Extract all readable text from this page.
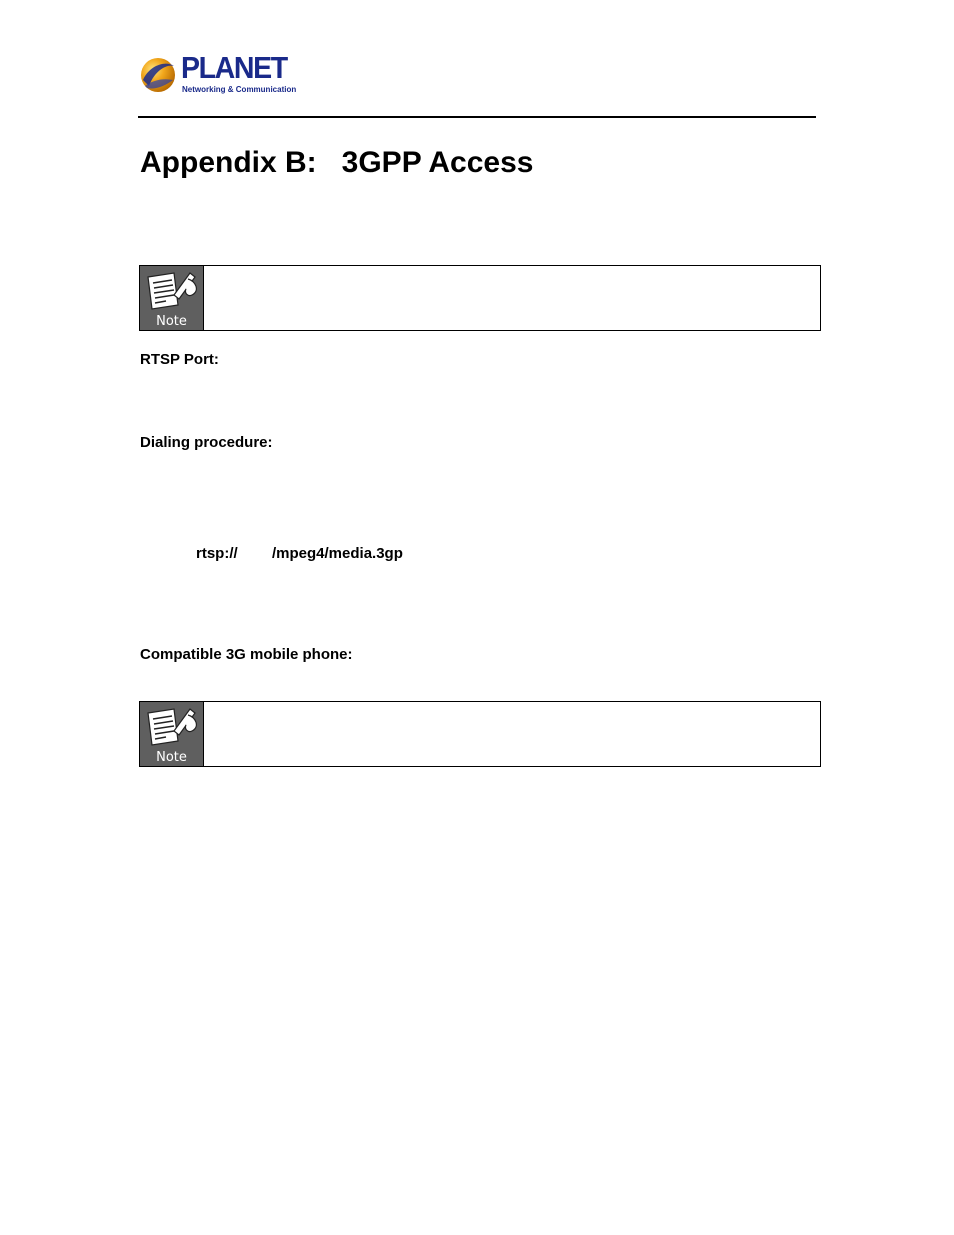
PLANET
Networking & Communication
Appendix B:   3GPP Access
Note
RTSP Port:
Dialing procedure:
rtsp:// /mpeg4/media.3gp
Compatible 3G mobile phone:
Note
